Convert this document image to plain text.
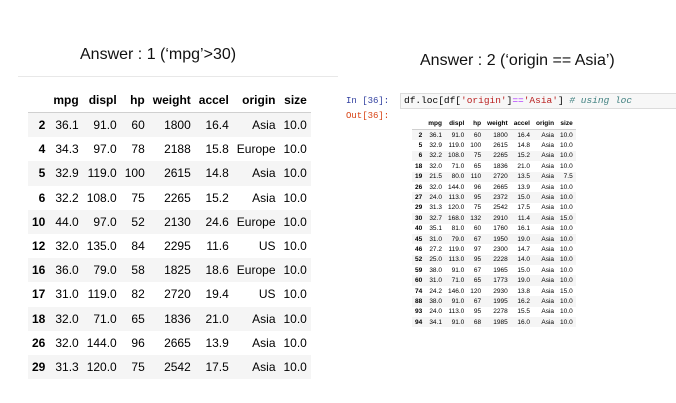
Answer : 1 (‘mpg’>30)
	mpg	displ	hp	weight	accel	origin	size
2	36.1	91.0	60	1800	16.4	Asia	10.0
4	34.3	97.0	78	2188	15.8	Europe	10.0
5	32.9	119.0	100	2615	14.8	Asia	10.0
6	32.2	108.0	75	2265	15.2	Asia	10.0
10	44.0	97.0	52	2130	24.6	Europe	10.0
12	32.0	135.0	84	2295	11.6	US	10.0
16	36.0	79.0	58	1825	18.6	Europe	10.0
17	31.0	119.0	82	2720	19.4	US	10.0
18	32.0	71.0	65	1836	21.0	Asia	10.0
26	32.0	144.0	96	2665	13.9	Asia	10.0
29	31.3	120.0	75	2542	17.5	Asia	10.0
Answer : 2 (‘origin == Asia’)
In [36]:	df.loc[df['origin']=='Asia'] # using loc
Out[36]:
	mpg	displ	hp	weight	accel	origin	size
2	36.1	91.0	60	1800	16.4	Asia	10.0
5	32.9	119.0	100	2615	14.8	Asia	10.0
6	32.2	108.0	75	2265	15.2	Asia	10.0
18	32.0	71.0	65	1836	21.0	Asia	10.0
19	21.5	80.0	110	2720	13.5	Asia	7.5
26	32.0	144.0	96	2665	13.9	Asia	10.0
27	24.0	113.0	95	2372	15.0	Asia	10.0
29	31.3	120.0	75	2542	17.5	Asia	10.0
30	32.7	168.0	132	2910	11.4	Asia	15.0
40	35.1	81.0	60	1760	16.1	Asia	10.0
45	31.0	79.0	67	1950	19.0	Asia	10.0
46	27.2	119.0	97	2300	14.7	Asia	10.0
52	25.0	113.0	95	2228	14.0	Asia	10.0
59	38.0	91.0	67	1965	15.0	Asia	10.0
60	31.0	71.0	65	1773	19.0	Asia	10.0
74	24.2	146.0	120	2930	13.8	Asia	15.0
88	38.0	91.0	67	1995	16.2	Asia	10.0
93	24.0	113.0	95	2278	15.5	Asia	10.0
94	34.1	91.0	68	1985	16.0	Asia	10.0
